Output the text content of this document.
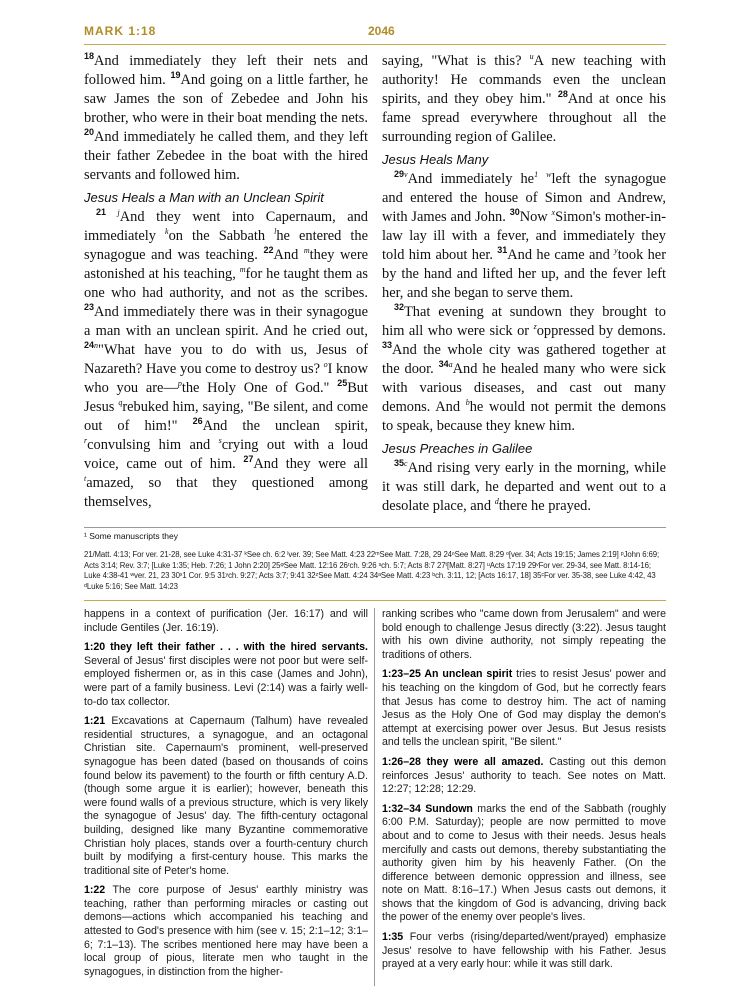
MARK 1:18	2046

$^{18}$And immediately they left their nets and followed him. $^{19}$And going on a little farther, he saw James the son of Zebedee and John his brother, who were in their boat mending the nets. $^{20}$And immediately he called them, and they left their father Zebedee in the boat with the hired servants and followed him.

Jesus Heals a Man with an Unclean Spirit

$^{21}$ $^j$And they went into Capernaum, and immediately $^k$on the Sabbath $^l$he entered the synagogue and was teaching. $^{22}$And $^m$they were astonished at his teaching, $^m$for he taught them as one who had authority, and not as the scribes. $^{23}$And immediately there was in their synagogue a man with an unclean spirit. And he cried out, $^{24n}$"What have you to do with us, Jesus of Nazareth? Have you come to destroy us? $^o$I know who you are—$^p$the Holy One of God." $^{25}$But Jesus $^q$rebuked him, saying, "Be silent, and come out of him!" $^{26}$And the unclean spirit, $^r$convulsing him and $^s$crying out with a loud voice, came out of him. $^{27}$And they were all $^t$amazed, so that they questioned among themselves,

saying, "What is this? $^u$A new teaching with authority! He commands even the unclean spirits, and they obey him." $^{28}$And at once his fame spread everywhere throughout all the surrounding region of Galilee.

Jesus Heals Many

$^{29v}$And immediately $he^1$ $^w$left the synagogue and entered the house of Simon and Andrew, with James and John. $^{30}$Now $^x$Simon's mother-in-law lay ill with a fever, and immediately they told him about her. $^{31}$And he came and $^y$took her by the hand and lifted her up, and the fever left her, and she began to serve them.

$^{32}$That evening at sundown they brought to him all who were sick or $^z$oppressed by demons. $^{33}$And the whole city was gathered together at the door. $^{34a}$And he healed many who were sick with various diseases, and cast out many demons. And $^b$he would not permit the demons to speak, because they knew him.

Jesus Preaches in Galilee

$^{35c}$And rising very early in the morning, while it was still dark, he departed and went out to a desolate place, and $^d$there he prayed.

¹ Some manuscripts they
21/Matt. 4:13; For ver. 21-28, see Luke 4:31-37 ᵏSee ch. 6:2 ˡver. 39; See Matt. 4:23 22ᵐSee Matt. 7:28, 29 24ⁿSee Matt. 8:29 ᵒ[ver. 34; Acts 19:15; James 2:19] ᵖJohn 6:69; Acts 3:14; Rev. 3:7; [Luke 1:35; Heb. 7:26; 1 John 2:20] 25ᵠSee Matt. 12:16 26ʳch. 9:26 ˢch. 5:7; Acts 8:7 27ᵗ[Matt. 8:27] ᵘActs 17:19 29ᵛFor ver. 29-34, see Matt. 8:14-16; Luke 4:38-41 ʷver. 21, 23 30ˣ1 Cor. 9:5 31ʸch. 9:27; Acts 3:7; 9:41 32ᶻSee Matt. 4:24 34ᵃSee Matt. 4:23 ᵇch. 3:11, 12; [Acts 16:17, 18] 35ᶜFor ver. 35-38, see Luke 4:42, 43 ᵈLuke 5:16; See Matt. 14:23

happens in a context of purification (Jer. 16:17) and will include Gentiles (Jer. 16:19).

1:20 they left their father . . . with the hired servants. Several of Jesus' first disciples were not poor but were self-employed fishermen or, as in this case (James and John), were part of a family business. Levi (2:14) was a fairly well-to-do tax collector.

1:21 Excavations at Capernaum (Talhum) have revealed residential structures, a synagogue, and an octagonal Christian site. Capernaum's prominent, well-preserved synagogue has been dated (based on thousands of coins found below its pavement) to the fourth or fifth century A.D. (though some argue it is earlier); however, beneath this were found walls of a previous structure, which is very likely the synagogue of Jesus' day. The fifth-century octagonal building, designed like many Byzantine commemorative Christian holy places, stands over a fourth-century church built by modifying a first-century house. This marks the traditional site of Peter's home.

1:22 The core purpose of Jesus' earthly ministry was teaching, rather than performing miracles or casting out demons—actions which accompanied his teaching and attested to God's presence with him (see v. 15; 2:1–12; 3:1–6; 7:1–13). The scribes mentioned here may have been a local group of pious, literate men who taught in the synagogues, in distinction from the higher-

ranking scribes who "came down from Jerusalem" and were bold enough to challenge Jesus directly (3:22). Jesus taught with his own divine authority, not simply repeating the traditions of others.

1:23–25 An unclean spirit tries to resist Jesus' power and his teaching on the kingdom of God, but he correctly fears that Jesus has come to destroy him. The act of naming Jesus as the Holy One of God may display the demon's attempt at exercising power over Jesus. But Jesus resists and tells the unclean spirit, "Be silent."

1:26–28 they were all amazed. Casting out this demon reinforces Jesus' authority to teach. See notes on Matt. 12:27; 12:28; 12:29.

1:32–34 Sundown marks the end of the Sabbath (roughly 6:00 P.M. Saturday); people are now permitted to move about and to come to Jesus with their needs. Jesus heals mercifully and casts out demons, thereby substantiating the authority given him by his heavenly Father. (On the difference between demonic oppression and illness, see note on Matt. 8:16–17.) When Jesus casts out demons, it shows that the kingdom of God is advancing, driving back the power of the enemy over people's lives.

1:35 Four verbs (rising/departed/went/prayed) emphasize Jesus' resolve to have fellowship with his Father. Jesus prayed at a very early hour: while it was still dark.
